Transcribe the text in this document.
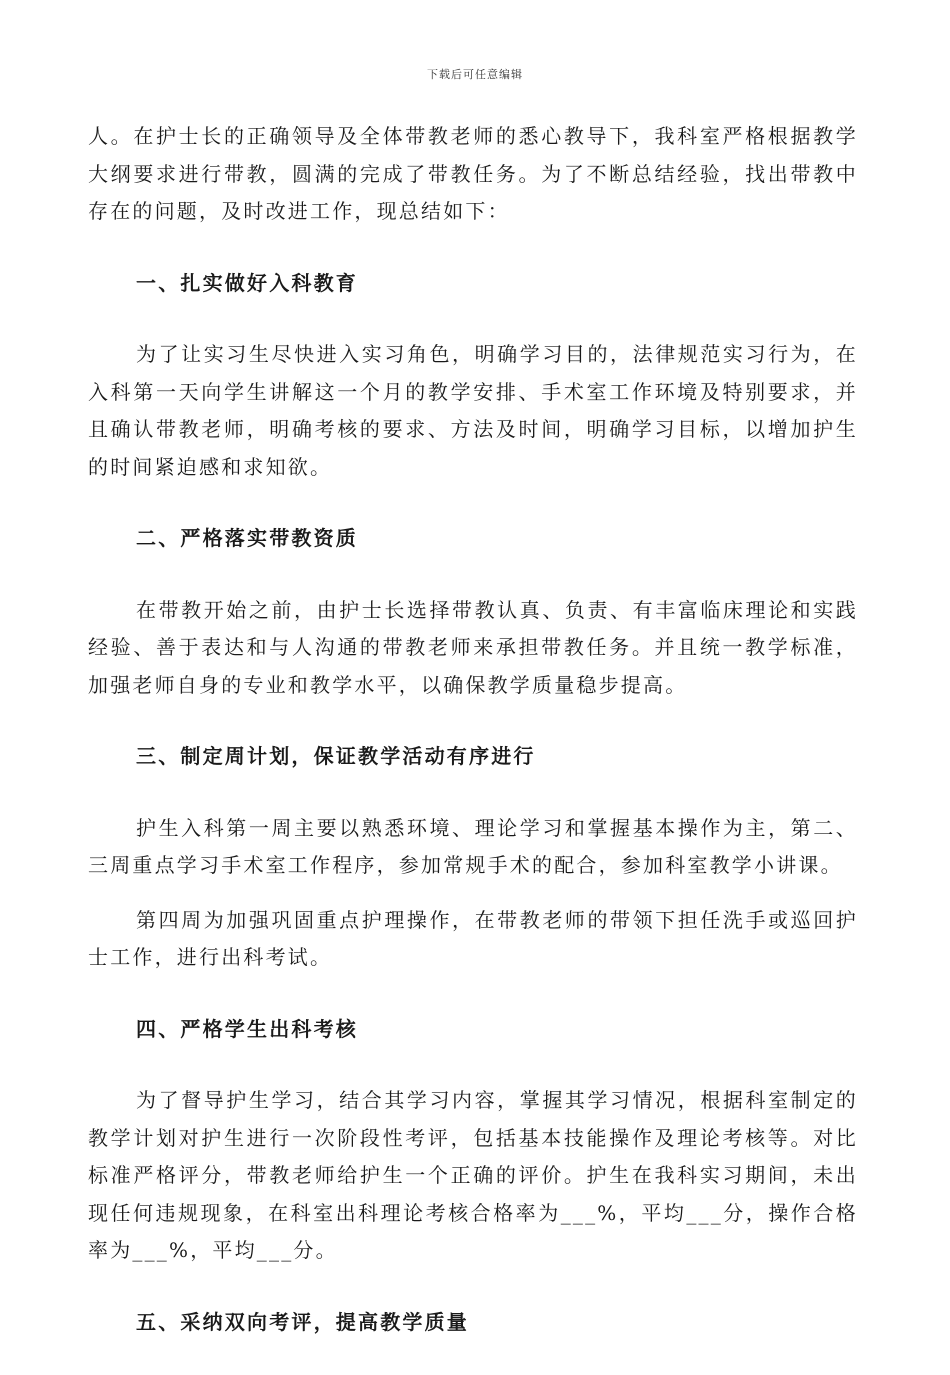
下载后可任意编辑

人。在护士长的正确领导及全体带教老师的悉心教导下，我科室严格根据教学大纲要求进行带教，圆满的完成了带教任务。为了不断总结经验，找出带教中存在的问题，及时改进工作，现总结如下：

一、扎实做好入科教育

为了让实习生尽快进入实习角色，明确学习目的，法律规范实习行为，在入科第一天向学生讲解这一个月的教学安排、手术室工作环境及特别要求，并且确认带教老师，明确考核的要求、方法及时间，明确学习目标，以增加护生的时间紧迫感和求知欲。

二、严格落实带教资质

在带教开始之前，由护士长选择带教认真、负责、有丰富临床理论和实践经验、善于表达和与人沟通的带教老师来承担带教任务。并且统一教学标准，加强老师自身的专业和教学水平，以确保教学质量稳步提高。

三、制定周计划，保证教学活动有序进行

护生入科第一周主要以熟悉环境、理论学习和掌握基本操作为主，第二、三周重点学习手术室工作程序，参加常规手术的配合，参加科室教学小讲课。

第四周为加强巩固重点护理操作，在带教老师的带领下担任洗手或巡回护士工作，进行出科考试。

四、严格学生出科考核

为了督导护生学习，结合其学习内容，掌握其学习情况，根据科室制定的教学计划对护生进行一次阶段性考评，包括基本技能操作及理论考核等。对比标准严格评分，带教老师给护生一个正确的评价。护生在我科实习期间，未出现任何违规现象，在科室出科理论考核合格率为___%，平均___分，操作合格率为___%，平均___分。

五、采纳双向考评，提高教学质量
